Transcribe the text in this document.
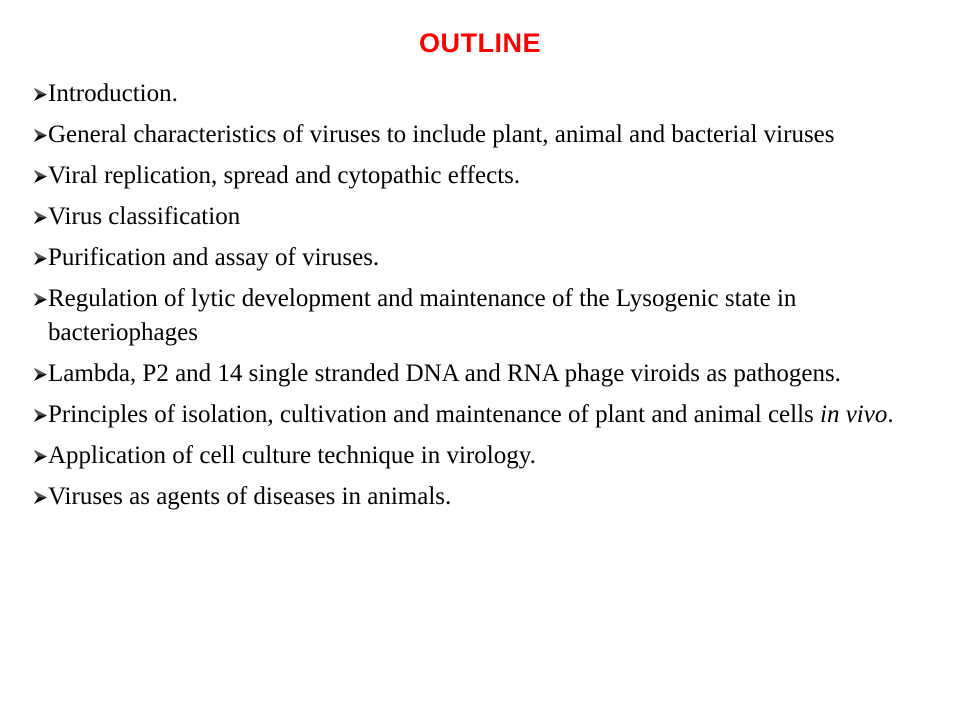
OUTLINE
Introduction.
General characteristics of viruses to include plant, animal and bacterial viruses
Viral replication, spread and cytopathic effects.
Virus classification
Purification and assay of viruses.
Regulation of lytic development and maintenance of the Lysogenic state in bacteriophages
Lambda, P2 and 14 single stranded DNA and RNA phage viroids as pathogens.
Principles of isolation, cultivation and maintenance of plant and animal cells in vivo.
Application of cell culture technique in virology.
Viruses as agents of diseases in animals.
